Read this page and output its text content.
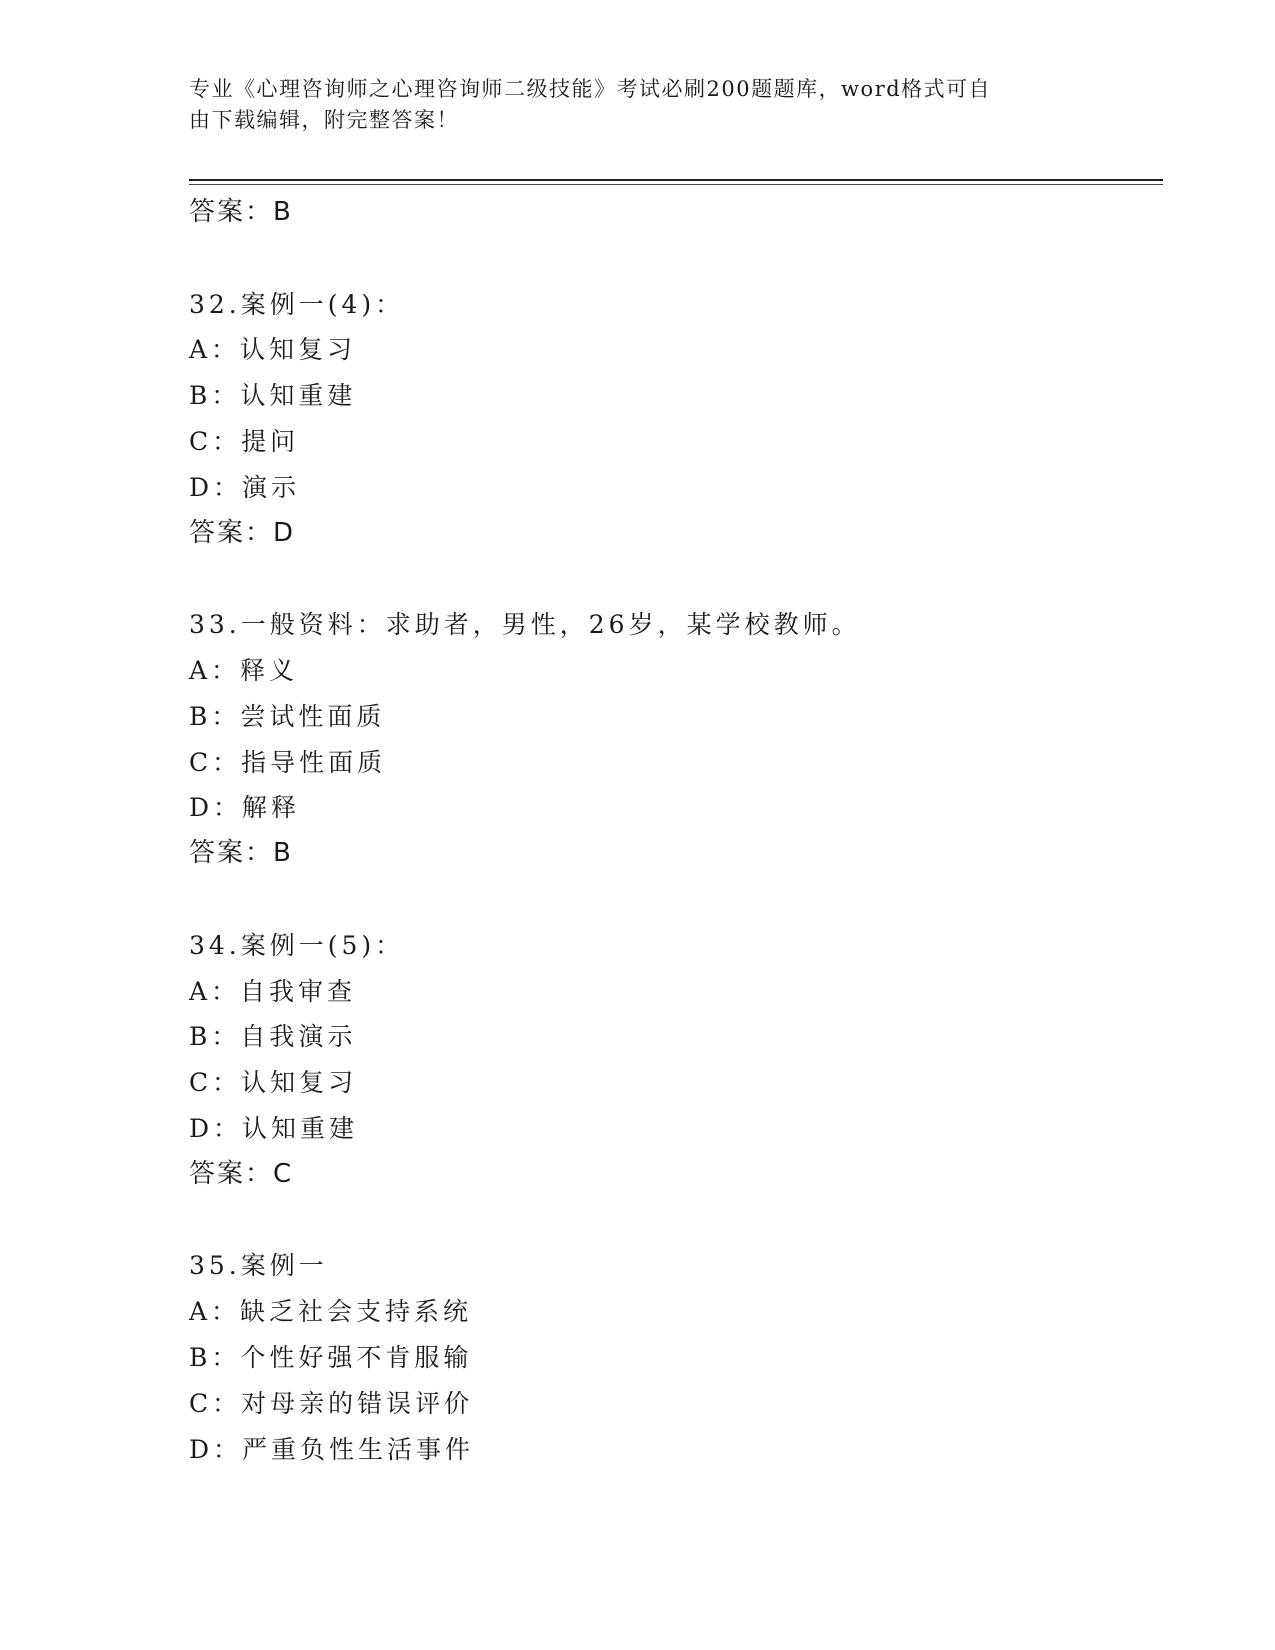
专业《心理咨询师之心理咨询师二级技能》考试必刷200题题库，word格式可自
由下载编辑，附完整答案！
答案：B
32.案例一(4)：
A：认知复习
B：认知重建
C：提问
D：演示
答案：D
33.一般资料：求助者，男性，26岁，某学校教师。
A：释义
B：尝试性面质
C：指导性面质
D：解释
答案：B
34.案例一(5)：
A：自我审查
B：自我演示
C：认知复习
D：认知重建
答案：C
35.案例一
A：缺乏社会支持系统
B：个性好强不肯服输
C：对母亲的错误评价
D：严重负性生活事件
